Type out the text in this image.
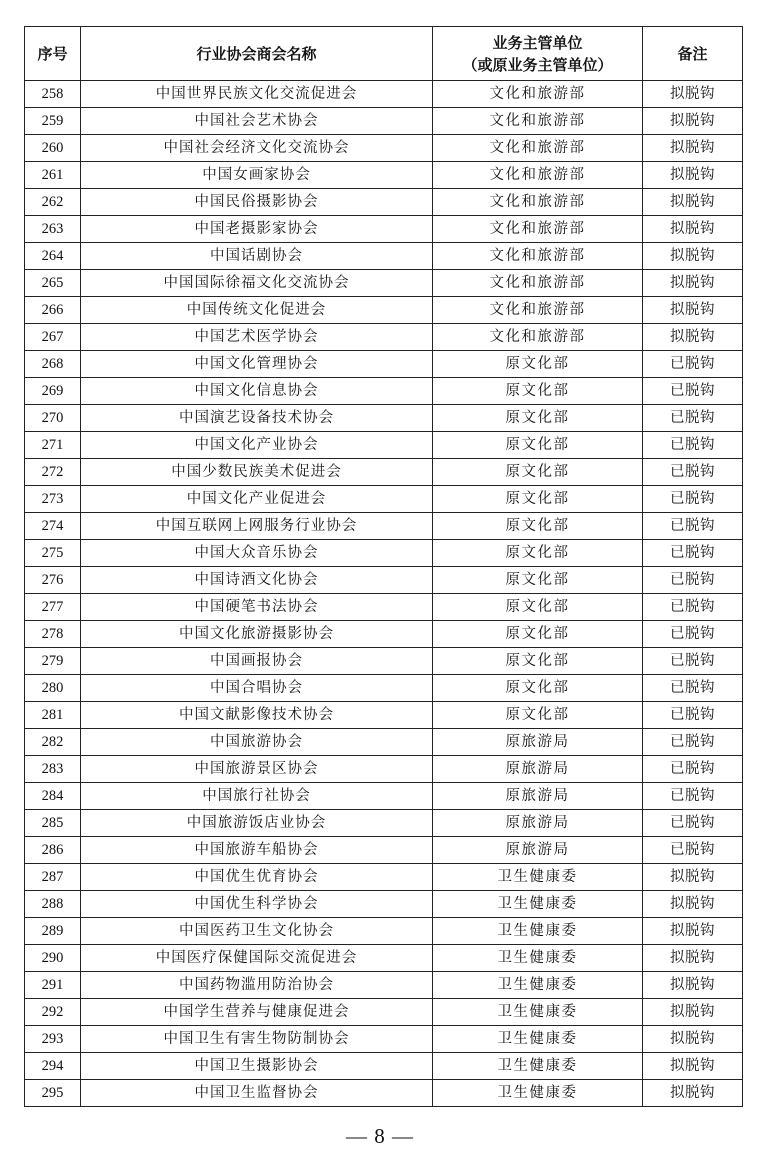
序号	行业协会商会名称	业务主管单位
（或原业务主管单位）	备注
258	中国世界民族文化交流促进会	文化和旅游部	拟脱钩
259	中国社会艺术协会	文化和旅游部	拟脱钩
260	中国社会经济文化交流协会	文化和旅游部	拟脱钩
261	中国女画家协会	文化和旅游部	拟脱钩
262	中国民俗摄影协会	文化和旅游部	拟脱钩
263	中国老摄影家协会	文化和旅游部	拟脱钩
264	中国话剧协会	文化和旅游部	拟脱钩
265	中国国际徐福文化交流协会	文化和旅游部	拟脱钩
266	中国传统文化促进会	文化和旅游部	拟脱钩
267	中国艺术医学协会	文化和旅游部	拟脱钩
268	中国文化管理协会	原文化部	已脱钩
269	中国文化信息协会	原文化部	已脱钩
270	中国演艺设备技术协会	原文化部	已脱钩
271	中国文化产业协会	原文化部	已脱钩
272	中国少数民族美术促进会	原文化部	已脱钩
273	中国文化产业促进会	原文化部	已脱钩
274	中国互联网上网服务行业协会	原文化部	已脱钩
275	中国大众音乐协会	原文化部	已脱钩
276	中国诗酒文化协会	原文化部	已脱钩
277	中国硬笔书法协会	原文化部	已脱钩
278	中国文化旅游摄影协会	原文化部	已脱钩
279	中国画报协会	原文化部	已脱钩
280	中国合唱协会	原文化部	已脱钩
281	中国文献影像技术协会	原文化部	已脱钩
282	中国旅游协会	原旅游局	已脱钩
283	中国旅游景区协会	原旅游局	已脱钩
284	中国旅行社协会	原旅游局	已脱钩
285	中国旅游饭店业协会	原旅游局	已脱钩
286	中国旅游车船协会	原旅游局	已脱钩
287	中国优生优育协会	卫生健康委	拟脱钩
288	中国优生科学协会	卫生健康委	拟脱钩
289	中国医药卫生文化协会	卫生健康委	拟脱钩
290	中国医疗保健国际交流促进会	卫生健康委	拟脱钩
291	中国药物滥用防治协会	卫生健康委	拟脱钩
292	中国学生营养与健康促进会	卫生健康委	拟脱钩
293	中国卫生有害生物防制协会	卫生健康委	拟脱钩
294	中国卫生摄影协会	卫生健康委	拟脱钩
295	中国卫生监督协会	卫生健康委	拟脱钩
— 8 —
